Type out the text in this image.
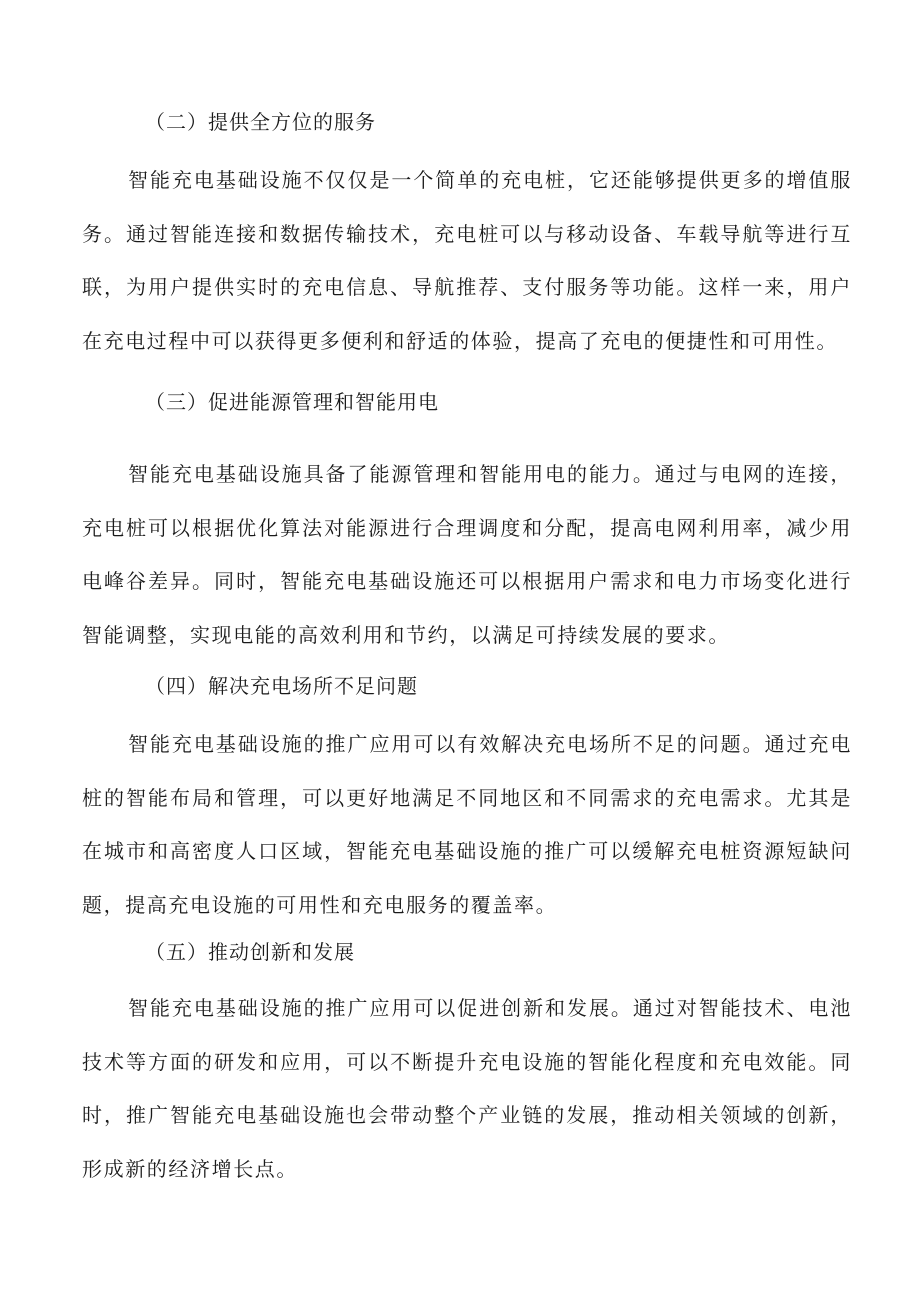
（二）提供全方位的服务

智能充电基础设施不仅仅是一个简单的充电桩，它还能够提供更多的增值服务。通过智能连接和数据传输技术，充电桩可以与移动设备、车载导航等进行互联，为用户提供实时的充电信息、导航推荐、支付服务等功能。这样一来，用户在充电过程中可以获得更多便利和舒适的体验，提高了充电的便捷性和可用性。

（三）促进能源管理和智能用电

智能充电基础设施具备了能源管理和智能用电的能力。通过与电网的连接，充电桩可以根据优化算法对能源进行合理调度和分配，提高电网利用率，减少用电峰谷差异。同时，智能充电基础设施还可以根据用户需求和电力市场变化进行智能调整，实现电能的高效利用和节约，以满足可持续发展的要求。

（四）解决充电场所不足问题

智能充电基础设施的推广应用可以有效解决充电场所不足的问题。通过充电桩的智能布局和管理，可以更好地满足不同地区和不同需求的充电需求。尤其是在城市和高密度人口区域，智能充电基础设施的推广可以缓解充电桩资源短缺问题，提高充电设施的可用性和充电服务的覆盖率。

（五）推动创新和发展

智能充电基础设施的推广应用可以促进创新和发展。通过对智能技术、电池技术等方面的研发和应用，可以不断提升充电设施的智能化程度和充电效能。同时，推广智能充电基础设施也会带动整个产业链的发展，推动相关领域的创新，形成新的经济增长点。
